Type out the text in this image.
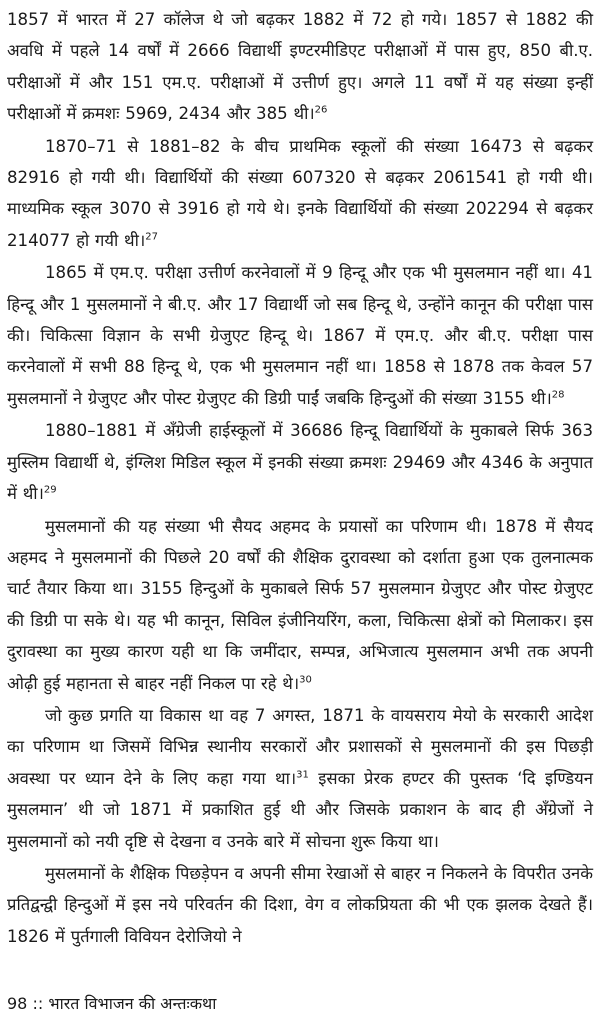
1857 में भारत में 27 कॉलेज थे जो बढ़कर 1882 में 72 हो गये। 1857 से 1882 की अवधि में पहले 14 वर्षों में 2666 विद्यार्थी इण्टरमीडिएट परीक्षाओं में पास हुए, 850 बी.ए. परीक्षाओं में और 151 एम.ए. परीक्षाओं में उत्तीर्ण हुए। अगले 11 वर्षों में यह संख्या इन्हीं परीक्षाओं में क्रमशः 5969, 2434 और 385 थी।$^{26}$

1870–71 से 1881–82 के बीच प्राथमिक स्कूलों की संख्या 16473 से बढ़कर 82916 हो गयी थी। विद्यार्थियों की संख्या 607320 से बढ़कर 2061541 हो गयी थी। माध्यमिक स्कूल 3070 से 3916 हो गये थे। इनके विद्यार्थियों की संख्या 202294 से बढ़कर 214077 हो गयी थी।$^{27}$

1865 में एम.ए. परीक्षा उत्तीर्ण करनेवालों में 9 हिन्दू और एक भी मुसलमान नहीं था। 41 हिन्दू और 1 मुसलमानों ने बी.ए. और 17 विद्यार्थी जो सब हिन्दू थे, उन्होंने कानून की परीक्षा पास की। चिकित्सा विज्ञान के सभी ग्रेजुएट हिन्दू थे। 1867 में एम.ए. और बी.ए. परीक्षा पास करनेवालों में सभी 88 हिन्दू थे, एक भी मुसलमान नहीं था। 1858 से 1878 तक केवल 57 मुसलमानों ने ग्रेजुएट और पोस्ट ग्रेजुएट की डिग्री पाईं जबकि हिन्दुओं की संख्या 3155 थी।$^{28}$

1880–1881 में अँग्रेजी हाईस्कूलों में 36686 हिन्दू विद्यार्थियों के मुकाबले सिर्फ 363 मुस्लिम विद्यार्थी थे, इंग्लिश मिडिल स्कूल में इनकी संख्या क्रमशः 29469 और 4346 के अनुपात में थी।$^{29}$

मुसलमानों की यह संख्या भी सैयद अहमद के प्रयासों का परिणाम थी। 1878 में सैयद अहमद ने मुसलमानों की पिछले 20 वर्षों की शैक्षिक दुरावस्था को दर्शाता हुआ एक तुलनात्मक चार्ट तैयार किया था। 3155 हिन्दुओं के मुकाबले सिर्फ 57 मुसलमान ग्रेजुएट और पोस्ट ग्रेजुएट की डिग्री पा सके थे। यह भी कानून, सिविल इंजीनियरिंग, कला, चिकित्सा क्षेत्रों को मिलाकर। इस दुरावस्था का मुख्य कारण यही था कि जमींदार, सम्पन्न, अभिजात्य मुसलमान अभी तक अपनी ओढ़ी हुई महानता से बाहर नहीं निकल पा रहे थे।$^{30}$

जो कुछ प्रगति या विकास था वह 7 अगस्त, 1871 के वायसराय मेयो के सरकारी आदेश का परिणाम था जिसमें विभिन्न स्थानीय सरकारों और प्रशासकों से मुसलमानों की इस पिछड़ी अवस्था पर ध्यान देने के लिए कहा गया था।$^{31}$ इसका प्रेरक हण्टर की पुस्तक ‘दि इण्डियन मुसलमान’ थी जो 1871 में प्रकाशित हुई थी और जिसके प्रकाशन के बाद ही अँग्रेजों ने मुसलमानों को नयी दृष्टि से देखना व उनके बारे में सोचना शुरू किया था।

मुसलमानों के शैक्षिक पिछड़ेपन व अपनी सीमा रेखाओं से बाहर न निकलने के विपरीत उनके प्रतिद्वन्द्वी हिन्दुओं में इस नये परिवर्तन की दिशा, वेग व लोकप्रियता की भी एक झलक देखते हैं। 1826 में पुर्तगाली विवियन देरोजियो ने

98 :: भारत विभाजन की अन्तःकथा
